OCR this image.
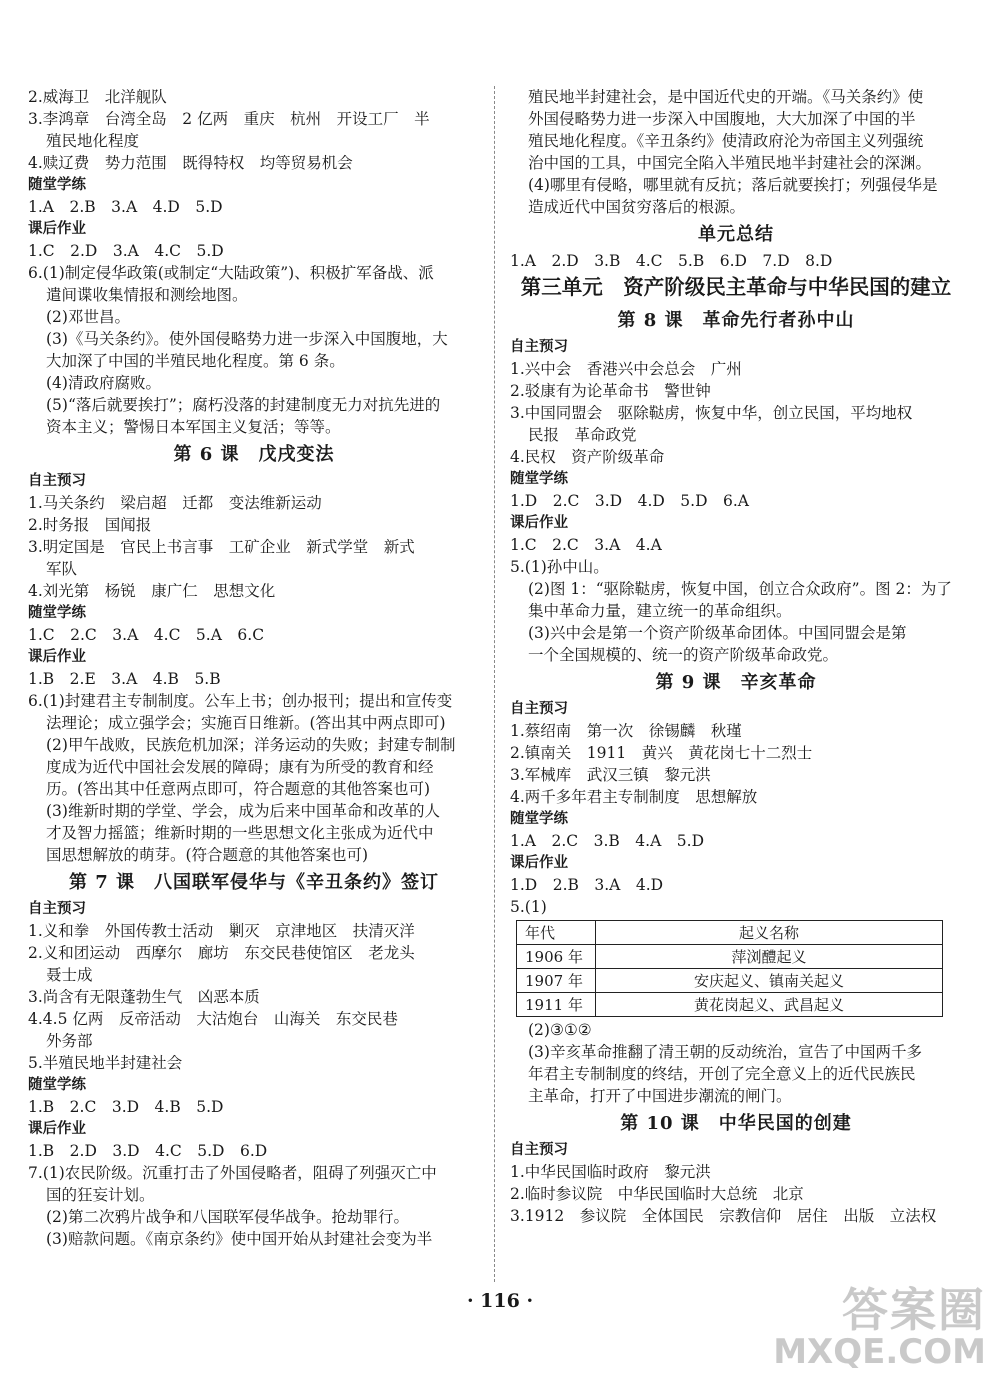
2.威海卫　北洋舰队
3.李鸿章　台湾全岛　2 亿两　重庆　杭州　开设工厂　半
殖民地化程度
4.赎辽费　势力范围　既得特权　均等贸易机会
随堂学练
1.A　2.B　3.A　4.D　5.D
课后作业
1.C　2.D　3.A　4.C　5.D
6.(1)制定侵华政策(或制定“大陆政策”)、积极扩军备战、派
遣间谍收集情报和测绘地图。
(2)邓世昌。
(3)《马关条约》。使外国侵略势力进一步深入中国腹地，大
大加深了中国的半殖民地化程度。第 6 条。
(4)清政府腐败。
(5)“落后就要挨打”；腐朽没落的封建制度无力对抗先进的
资本主义；警惕日本军国主义复活；等等。
第 6 课　戊戌变法
自主预习
1.马关条约　梁启超　迁都　变法维新运动
2.时务报　国闻报
3.明定国是　官民上书言事　工矿企业　新式学堂　新式
军队
4.刘光第　杨锐　康广仁　思想文化
随堂学练
1.C　2.C　3.A　4.C　5.A　6.C
课后作业
1.B　2.E　3.A　4.B　5.B
6.(1)封建君主专制制度。公车上书；创办报刊；提出和宣传变
法理论；成立强学会；实施百日维新。(答出其中两点即可)
(2)甲午战败，民族危机加深；洋务运动的失败；封建专制制
度成为近代中国社会发展的障碍；康有为所受的教育和经
历。(答出其中任意两点即可，符合题意的其他答案也可)
(3)维新时期的学堂、学会，成为后来中国革命和改革的人
才及智力摇篮；维新时期的一些思想文化主张成为近代中
国思想解放的萌芽。(符合题意的其他答案也可)
第 7 课　八国联军侵华与《辛丑条约》签订
自主预习
1.义和拳　外国传教士活动　剿灭　京津地区　扶清灭洋
2.义和团运动　西摩尔　廊坊　东交民巷使馆区　老龙头
聂士成
3.尚含有无限蓬勃生气　凶恶本质
4.4.5 亿两　反帝活动　大沽炮台　山海关　东交民巷
外务部
5.半殖民地半封建社会
随堂学练
1.B　2.C　3.D　4.B　5.D
课后作业
1.B　2.D　3.D　4.C　5.D　6.D
7.(1)农民阶级。沉重打击了外国侵略者，阻碍了列强灭亡中
国的狂妄计划。
(2)第二次鸦片战争和八国联军侵华战争。抢劫罪行。
(3)赔款问题。《南京条约》使中国开始从封建社会变为半
殖民地半封建社会，是中国近代史的开端。《马关条约》使
外国侵略势力进一步深入中国腹地，大大加深了中国的半
殖民地化程度。《辛丑条约》使清政府沦为帝国主义列强统
治中国的工具，中国完全陷入半殖民地半封建社会的深渊。
(4)哪里有侵略，哪里就有反抗；落后就要挨打；列强侵华是
造成近代中国贫穷落后的根源。
单元总结
1.A　2.D　3.B　4.C　5.B　6.D　7.D　8.D
第三单元　资产阶级民主革命与中华民国的建立
第 8 课　革命先行者孙中山
自主预习
1.兴中会　香港兴中会总会　广州
2.驳康有为论革命书　警世钟
3.中国同盟会　驱除鞑虏，恢复中华，创立民国，平均地权
民报　革命政党
4.民权　资产阶级革命
随堂学练
1.D　2.C　3.D　4.D　5.D　6.A
课后作业
1.C　2.C　3.A　4.A
5.(1)孙中山。
(2)图 1：“驱除鞑虏，恢复中国，创立合众政府”。图 2：为了
集中革命力量，建立统一的革命组织。
(3)兴中会是第一个资产阶级革命团体。中国同盟会是第
一个全国规模的、统一的资产阶级革命政党。
第 9 课　辛亥革命
自主预习
1.蔡绍南　第一次　徐锡麟　秋瑾
2.镇南关　1911　黄兴　黄花岗七十二烈士
3.军械库　武汉三镇　黎元洪
4.两千多年君主专制制度　思想解放
随堂学练
1.A　2.C　3.B　4.A　5.D
课后作业
1.D　2.B　3.A　4.D
5.(1)
年代	起义名称
1906 年	萍浏醴起义
1907 年	安庆起义、镇南关起义
1911 年	黄花岗起义、武昌起义
(2)③①②
(3)辛亥革命推翻了清王朝的反动统治，宣告了中国两千多
年君主专制制度的终结，开创了完全意义上的近代民族民
主革命，打开了中国进步潮流的闸门。
第 10 课　中华民国的创建
自主预习
1.中华民国临时政府　黎元洪
2.临时参议院　中华民国临时大总统　北京
3.1912　参议院　全体国民　宗教信仰　居住　出版　立法权
· 116 ·	答案圈
MXQE.COM
